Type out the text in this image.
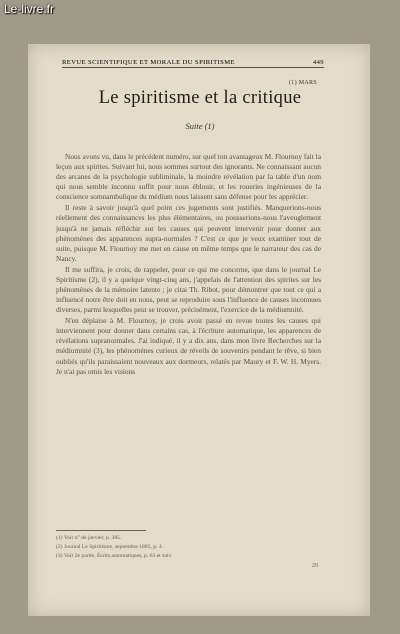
Le-livre.fr
REVUE SCIENTIFIQUE ET MORALE DU SPIRITISME	449
(1) MARS
Le spiritisme et la critique
Suite (1)

Nous avons vu, dans le précédent numéro, sur quel ton avantageux M. Flournoy fait la leçon aux spirites. Suivant lui, nous sommes surtout des ignorants. Ne connaissant aucun des arcanes de la psychologie subliminale, la moindre révélation par la table d'un nom qui nous semble inconnu suffit pour nous éblouir, et les roueries ingénieuses de la conscience somnambulique du médium nous laissent sans défense pour les apprécier.

Il reste à savoir jusqu'à quel point ces jugements sont justifiés. Manquerions-nous réellement des connaissances les plus élémentaires, ou pousserions-nous l'aveuglement jusqu'à ne jamais réfléchir sur les causes qui peuvent intervenir pour donner aux phénomènes des apparences supra-normales ? C'est ce que je veux examiner tout de suite, puisque M. Flournoy me met en cause en même temps que le narrateur des cas de Nancy.

Il me suffira, je crois, de rappeler, pour ce qui me concerne, que dans le journal Le Spiritisme (2), il y a quelque vingt-cinq ans, j'appelais de l'attention des spirites sur les phénomènes de la mémoire latente ; je citai Th. Ribot, pour démontrer que tout ce qui a influencé notre être doit en nous, peut se reproduire sous l'influence de causes inconnues diverses, parmi lesquelles peut se trouver, précisément, l'exercice de la médiumnité.

N'en déplaise à M. Flournoy, je crois avoir passé en revue toutes les causes qui interviennent pour donner dans certains cas, à l'écriture automatique, les apparences de révélations supranormales. J'ai indiqué, il y a dix ans, dans mon livre Recherches sur la médiumnité (3), les phénomènes curieux de réveils de souvenirs pendant le rêve, si bien oubliés qu'ils paraissaient nouveaux aux dormeurs, relatés par Maury et F. W. H. Myers. Je n'ai pas omis les visions

(1) Voir n° de janvier, p. 385.
(2) Journal Le Spiritisme, septembre 1883, p. 4.
(3) Voir 2e partie, Écrits automatiques, p. 63 et suiv.
29
